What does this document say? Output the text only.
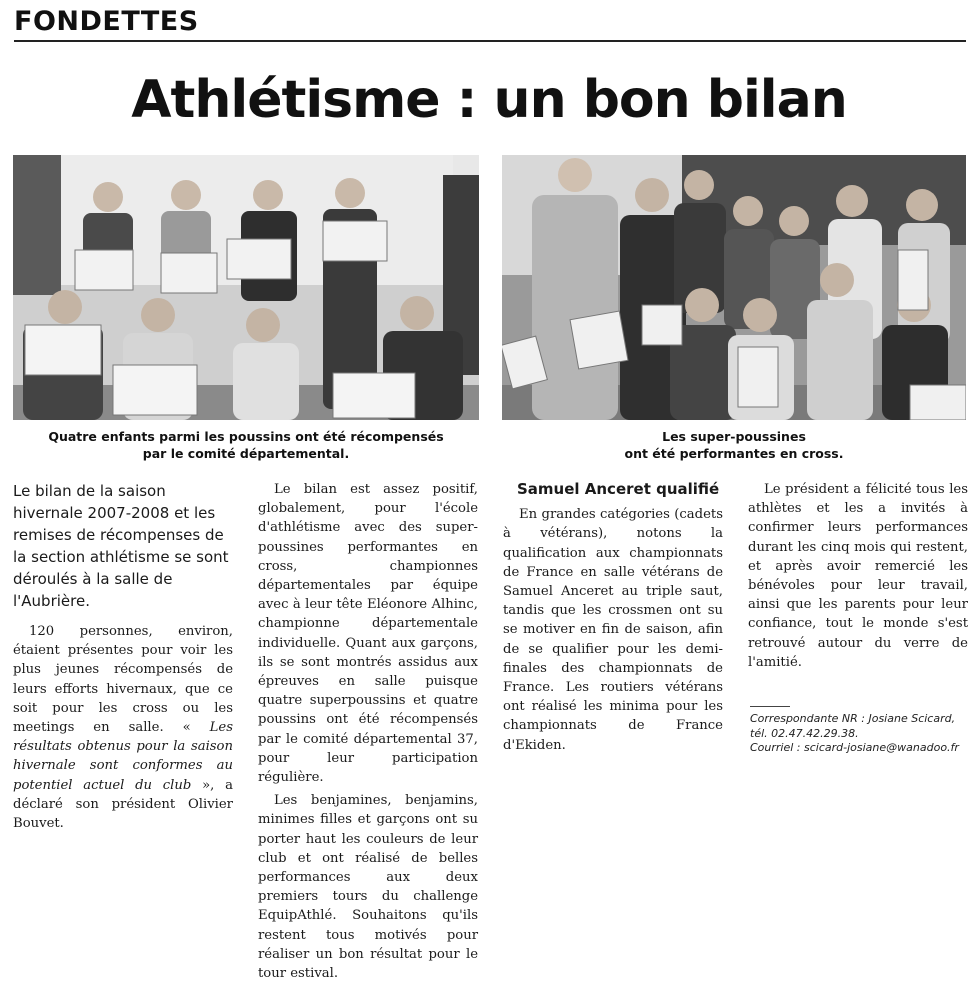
FONDETTES
Athlétisme : un bon bilan
Quatre enfants parmi les poussins ont été récompensés
par le comité départemental.
Les super-poussines
ont été performantes en cross.

Le bilan de la saison hivernale 2007-2008 et les remises de récompenses de la section athlétisme se sont déroulés à la salle de l'Aubrière.

120 personnes, environ, étaient présentes pour voir les plus jeunes récompensés de leurs efforts hivernaux, que ce soit pour les cross ou les meetings en salle. « Les résultats obtenus pour la saison hivernale sont conformes au potentiel actuel du club », a déclaré son président Olivier Bouvet.

Le bilan est assez positif, globalement, pour l'école d'athlétisme avec des super-poussines performantes en cross, championnes départementales par équipe avec à leur tête Eléonore Alhinc, championne départementale individuelle. Quant aux garçons, ils se sont montrés assidus aux épreuves en salle puisque quatre superpoussins et quatre poussins ont été récompensés par le comité départemental 37, pour leur participation régulière.

Les benjamines, benjamins, minimes filles et garçons ont su porter haut les couleurs de leur club et ont réalisé de belles performances aux deux premiers tours du challenge EquipAthlé. Souhaitons qu'ils restent tous motivés pour réaliser un bon résultat pour le tour estival.

Samuel Anceret qualifié

En grandes catégories (cadets à vétérans), notons la qualification aux championnats de France en salle vétérans de Samuel Anceret au triple saut, tandis que les crossmen ont su se motiver en fin de saison, afin de se qualifier pour les demi-finales des championnats de France. Les routiers vétérans ont réalisé les minima pour les championnats de France d'Ekiden.

Le président a félicité tous les athlètes et les a invités à confirmer leurs performances durant les cinq mois qui restent, et après avoir remercié les bénévoles pour leur travail, ainsi que les parents pour leur confiance, tout le monde s'est retrouvé autour du verre de l'amitié.

Correspondante NR : Josiane Scicard,
tél. 02.47.42.29.38.
Courriel : scicard-josiane@wanadoo.fr
